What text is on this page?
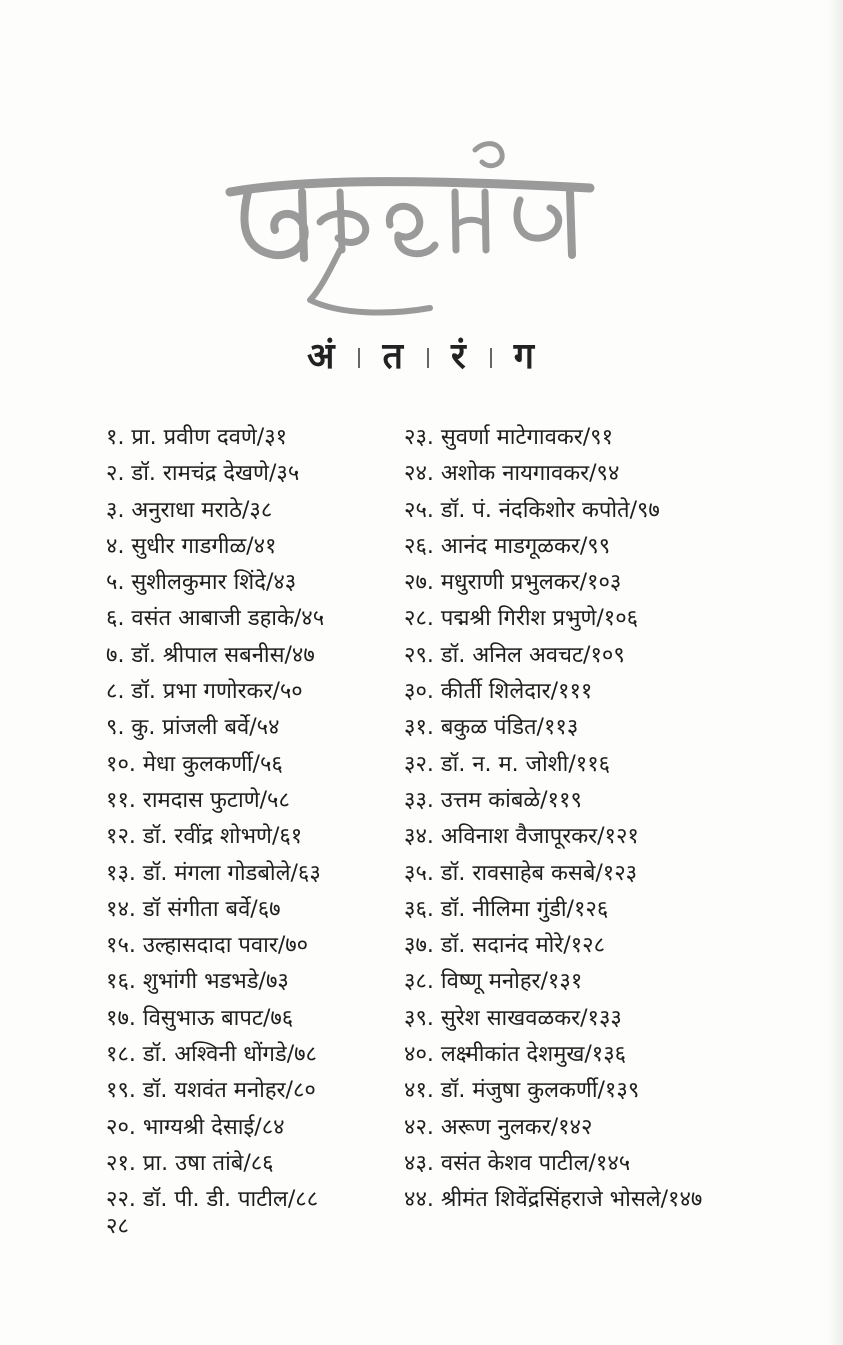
अं त रं ग
१. प्रा. प्रवीण दवणे/३१
२. डॉ. रामचंद्र देखणे/३५
३. अनुराधा मराठे/३८
४. सुधीर गाडगीळ/४१
५. सुशीलकुमार शिंदे/४३
६. वसंत आबाजी डहाके/४५
७. डॉ. श्रीपाल सबनीस/४७
८. डॉ. प्रभा गणोरकर/५०
९. कु. प्रांजली बर्वे/५४
१०. मेधा कुलकर्णी/५६
११. रामदास फुटाणे/५८
१२. डॉ. रवींद्र शोभणे/६१
१३. डॉ. मंगला गोडबोले/६३
१४. डॉ संगीता बर्वे/६७
१५. उल्हासदादा पवार/७०
१६. शुभांगी भडभडे/७३
१७. विसुभाऊ बापट/७६
१८. डॉ. अश्विनी धोंगडे/७८
१९. डॉ. यशवंत मनोहर/८०
२०. भाग्यश्री देसाई/८४
२१. प्रा. उषा तांबे/८६
२२. डॉ. पी. डी. पाटील/८८
२३. सुवर्णा माटेगावकर/९१
२४. अशोक नायगावकर/९४
२५. डॉ. पं. नंदकिशोर कपोते/९७
२६. आनंद माडगूळकर/९९
२७. मधुराणी प्रभुलकर/१०३
२८. पद्मश्री गिरीश प्रभुणे/१०६
२९. डॉ. अनिल अवचट/१०९
३०. कीर्ती शिलेदार/१११
३१. बकुळ पंडित/११३
३२. डॉ. न. म. जोशी/११६
३३. उत्तम कांबळे/११९
३४. अविनाश वैजापूरकर/१२१
३५. डॉ. रावसाहेब कसबे/१२३
३६. डॉ. नीलिमा गुंडी/१२६
३७. डॉ. सदानंद मोरे/१२८
३८. विष्णू मनोहर/१३१
३९. सुरेश साखवळकर/१३३
४०. लक्ष्मीकांत देशमुख/१३६
४१. डॉ. मंजुषा कुलकर्णी/१३९
४२. अरूण नुलकर/१४२
४३. वसंत केशव पाटील/१४५
४४. श्रीमंत शिवेंद्रसिंहराजे भोसले/१४७
२८
